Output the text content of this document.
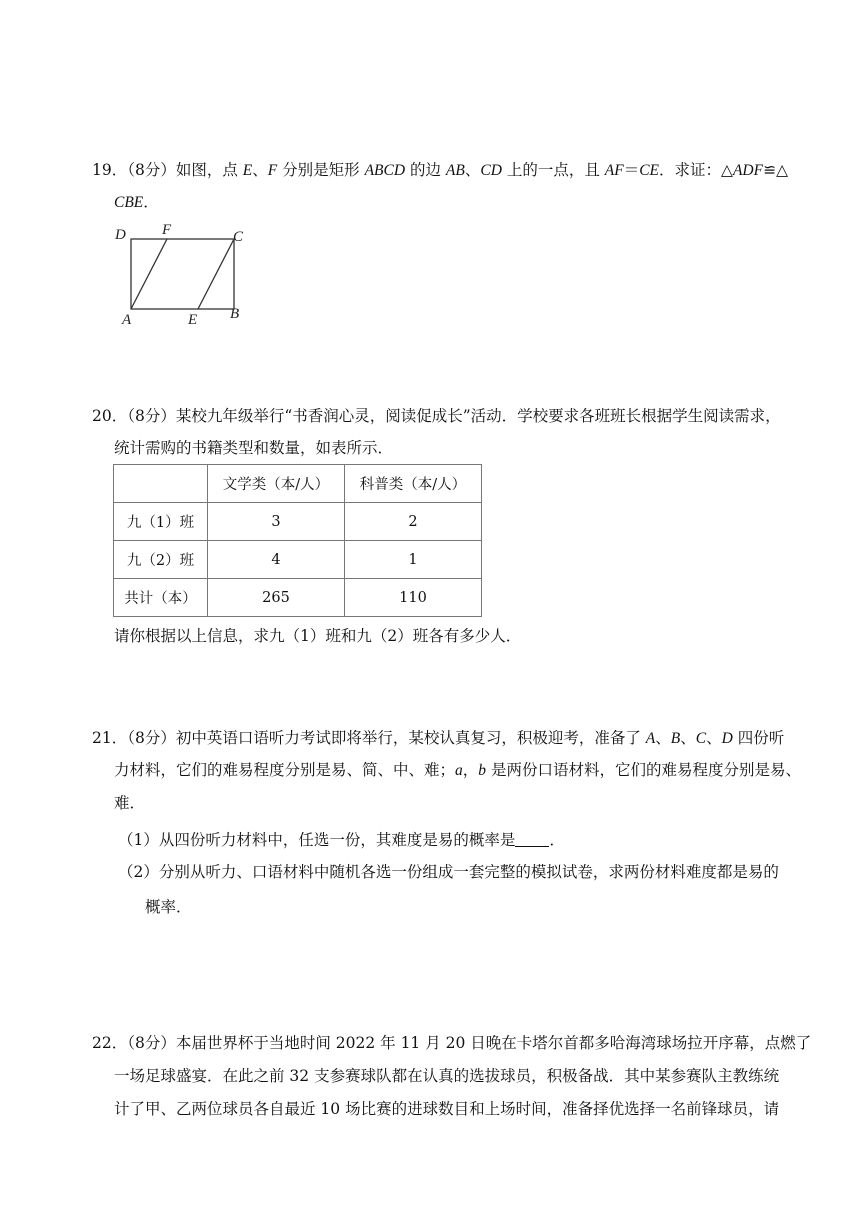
19．（8分）如图，点 E、F 分别是矩形 ABCD 的边 AB、CD 上的一点，且 AF＝CE．求证：△ADF≌△
CBE．
D F	C
A	E B
20．（8分）某校九年级举行“书香润心灵，阅读促成长”活动．学校要求各班班长根据学生阅读需求，
统计需购的书籍类型和数量，如表所示．
	文学类（本/人）	科普类（本/人）
九（1）班	3	2
九（2）班	4	1
共计（本）	265	110
请你根据以上信息，求九（1）班和九（2）班各有多少人．
21．（8分）初中英语口语听力考试即将举行，某校认真复习，积极迎考，准备了 A、B、C、D 四份听
力材料，它们的难易程度分别是易、简、中、难；a，b 是两份口语材料，它们的难易程度分别是易、
难．
（1）从四份听力材料中，任选一份，其难度是易的概率是 ．
（2）分别从听力、口语材料中随机各选一份组成一套完整的模拟试卷，求两份材料难度都是易的
概率．
22．（8分）本届世界杯于当地时间 2022 年 11 月 20 日晚在卡塔尔首都多哈海湾球场拉开序幕，点燃了
一场足球盛宴．在此之前 32 支参赛球队都在认真的选拔球员，积极备战．其中某参赛队主教练统
计了甲、乙两位球员各自最近 10 场比赛的进球数目和上场时间，准备择优选择一名前锋球员，请
